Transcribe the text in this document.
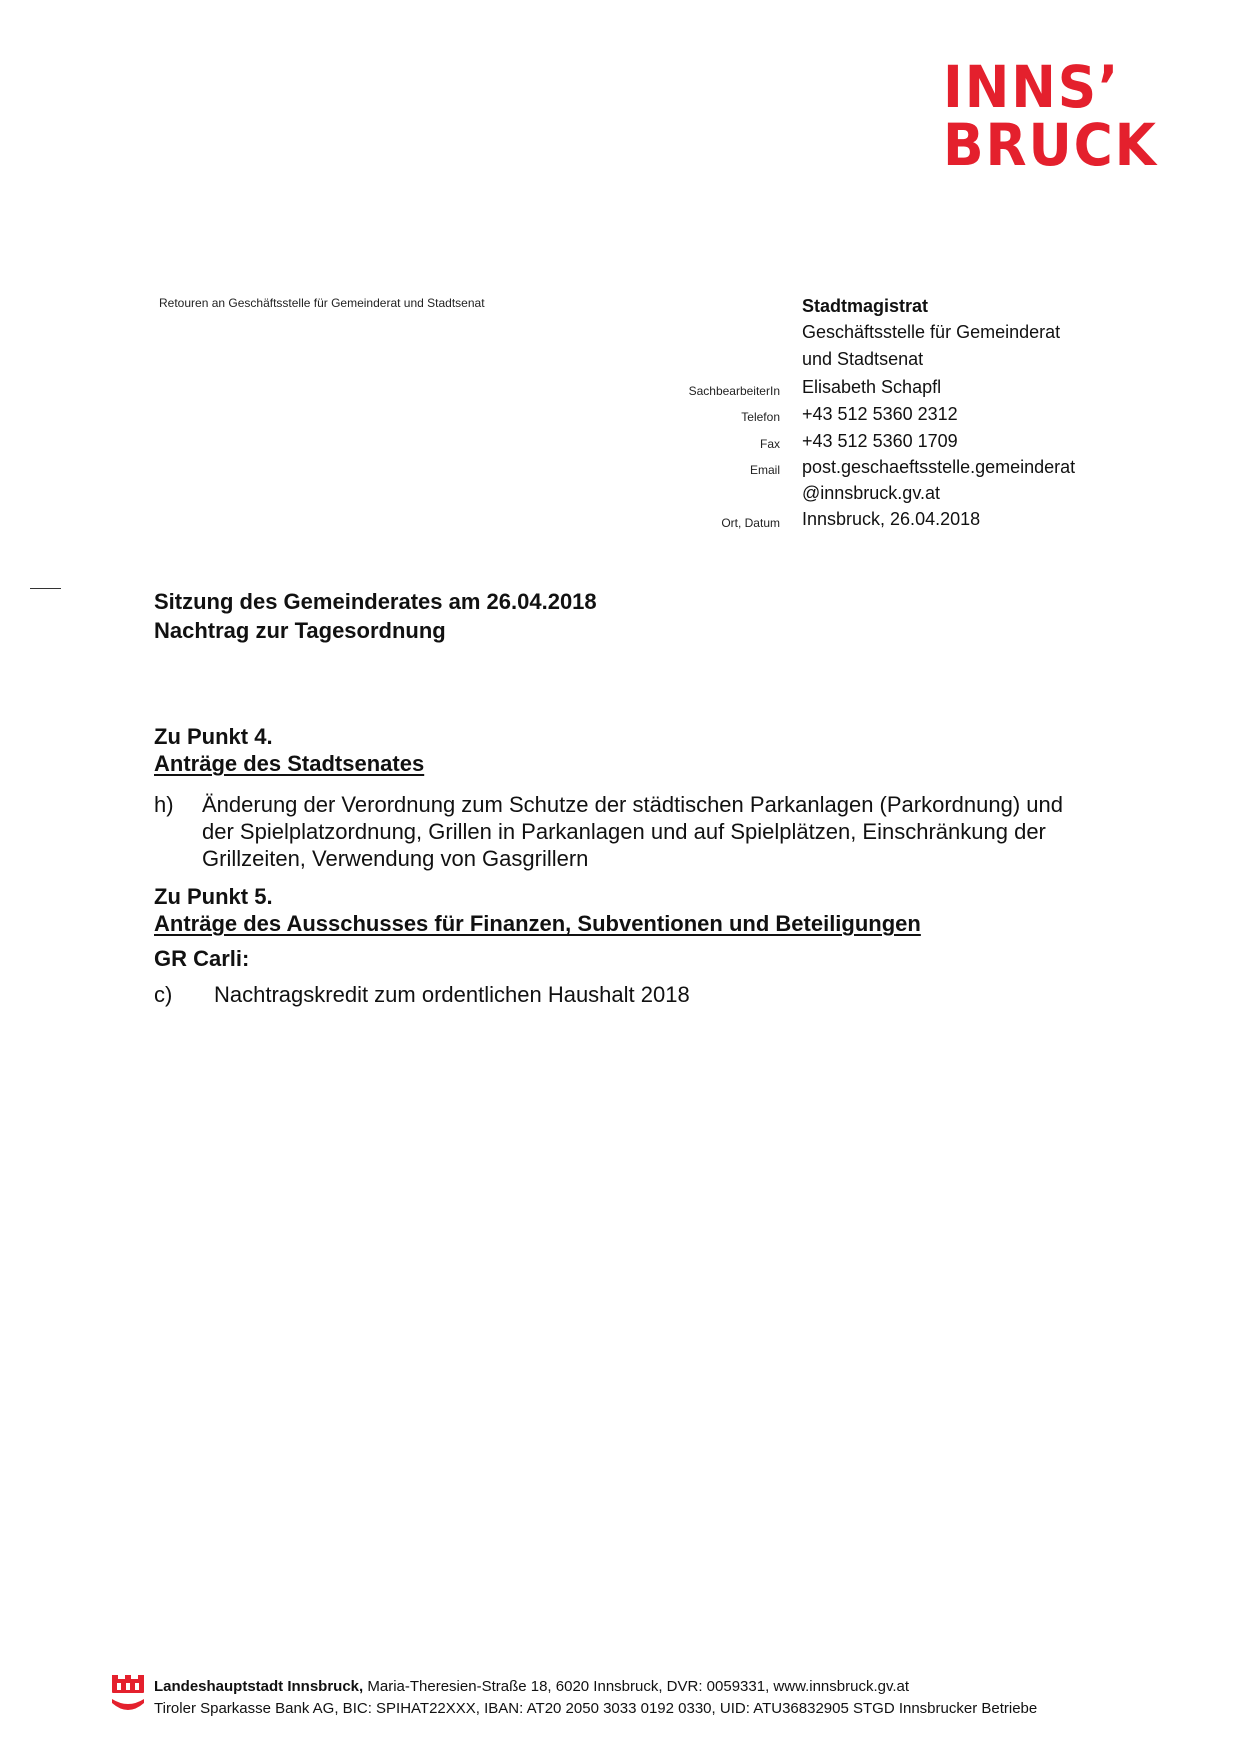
INNS’
BRUCK
Retouren an Geschäftsstelle für Gemeinderat und Stadtsenat	Stadtmagistrat
Geschäftsstelle für Gemeinderat
und Stadtsenat
SachbearbeiterIn Elisabeth Schapfl
Telefon +43 512 5360 2312
Fax +43 512 5360 1709
Email post.geschaeftsstelle.gemeinderat
@innsbruck.gv.at
Ort, Datum Innsbruck, 26.04.2018
Sitzung des Gemeinderates am 26.04.2018
Nachtrag zur Tagesordnung
Zu Punkt 4.
Anträge des Stadtsenates
h) Änderung der Verordnung zum Schutze der städtischen Parkanlagen (Parkordnung) und
der Spielplatzordnung, Grillen in Parkanlagen und auf Spielplätzen, Einschränkung der
Grillzeiten, Verwendung von Gasgrillern
Zu Punkt 5.
Anträge des Ausschusses für Finanzen, Subventionen und Beteiligungen
GR Carli:
c) Nachtragskredit zum ordentlichen Haushalt 2018
Landeshauptstadt Innsbruck, Maria-Theresien-Straße 18, 6020 Innsbruck, DVR: 0059331, www.innsbruck.gv.at
Tiroler Sparkasse Bank AG, BIC: SPIHAT22XXX, IBAN: AT20 2050 3033 0192 0330, UID: ATU36832905 STGD Innsbrucker Betriebe
